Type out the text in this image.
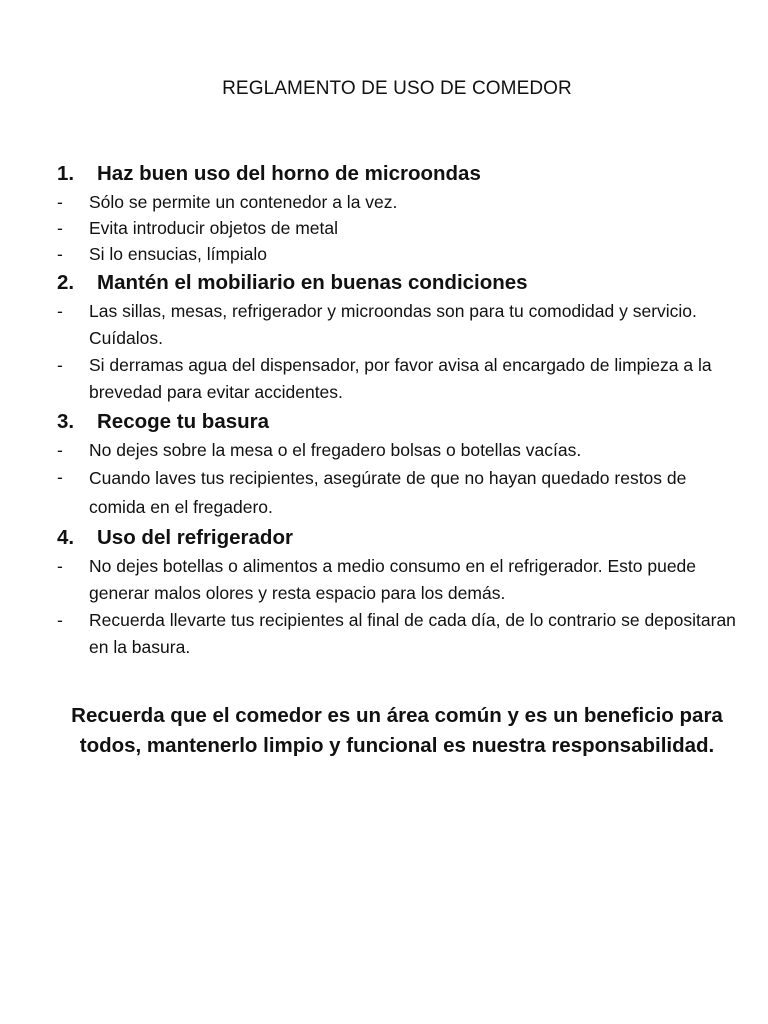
REGLAMENTO DE USO DE COMEDOR
1.	Haz buen uso del horno de microondas
-	Sólo se permite un contenedor a la vez.
-	Evita introducir objetos de metal
-	Si lo ensucias, límpialo
2.	Mantén el mobiliario en buenas condiciones
-	Las sillas, mesas, refrigerador y microondas son para tu comodidad y servicio. Cuídalos.
-	Si derramas agua del dispensador, por favor avisa al encargado de limpieza a la brevedad para evitar accidentes.
3.	Recoge tu basura
-	No dejes sobre la mesa o el fregadero bolsas o botellas vacías.
-	Cuando laves tus recipientes, asegúrate de que no hayan quedado restos de comida en el fregadero.
4.	Uso del refrigerador
-	No dejes botellas o alimentos a medio consumo en el refrigerador. Esto puede generar malos olores y resta espacio para los demás.
-	Recuerda llevarte tus recipientes al final de cada día, de lo contrario se depositaran en la basura.

Recuerda que el comedor es un área común y es un beneficio para todos, mantenerlo limpio y funcional es nuestra responsabilidad.
